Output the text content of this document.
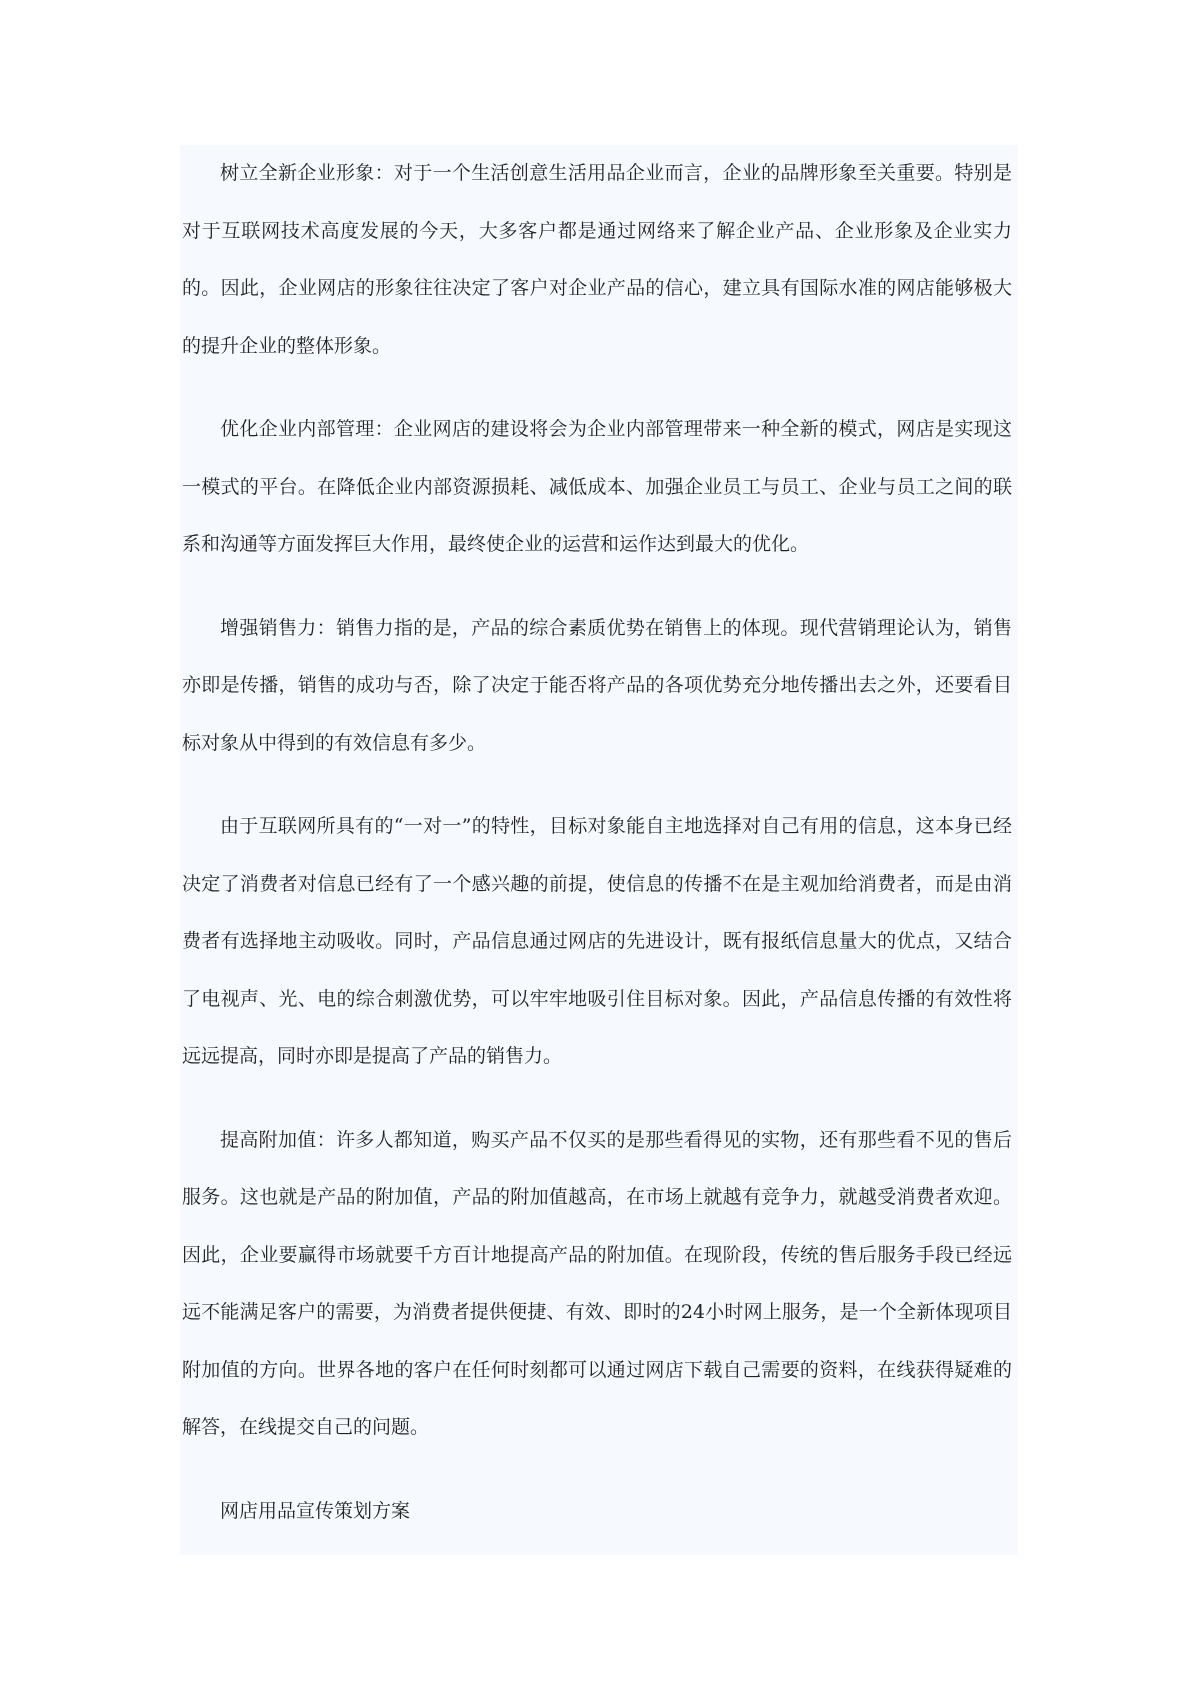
树立全新企业形象：对于一个生活创意生活用品企业而言，企业的品牌形象至关重要。特别是对于互联网技术高度发展的今天，大多客户都是通过网络来了解企业产品、企业形象及企业实力的。因此，企业网店的形象往往决定了客户对企业产品的信心，建立具有国际水准的网店能够极大的提升企业的整体形象。

优化企业内部管理：企业网店的建设将会为企业内部管理带来一种全新的模式，网店是实现这一模式的平台。在降低企业内部资源损耗、减低成本、加强企业员工与员工、企业与员工之间的联系和沟通等方面发挥巨大作用，最终使企业的运营和运作达到最大的优化。

增强销售力：销售力指的是，产品的综合素质优势在销售上的体现。现代营销理论认为，销售亦即是传播，销售的成功与否，除了决定于能否将产品的各项优势充分地传播出去之外，还要看目标对象从中得到的有效信息有多少。

由于互联网所具有的“一对一”的特性，目标对象能自主地选择对自己有用的信息，这本身已经决定了消费者对信息已经有了一个感兴趣的前提，使信息的传播不在是主观加给消费者，而是由消费者有选择地主动吸收。同时，产品信息通过网店的先进设计，既有报纸信息量大的优点，又结合了电视声、光、电的综合刺激优势，可以牢牢地吸引住目标对象。因此，产品信息传播的有效性将远远提高，同时亦即是提高了产品的销售力。

提高附加值：许多人都知道，购买产品不仅买的是那些看得见的实物，还有那些看不见的售后服务。这也就是产品的附加值，产品的附加值越高，在市场上就越有竞争力，就越受消费者欢迎。因此，企业要赢得市场就要千方百计地提高产品的附加值。在现阶段，传统的售后服务手段已经远远不能满足客户的需要，为消费者提供便捷、有效、即时的24小时网上服务，是一个全新体现项目附加值的方向。世界各地的客户在任何时刻都可以通过网店下载自己需要的资料，在线获得疑难的解答，在线提交自己的问题。

网店用品宣传策划方案
